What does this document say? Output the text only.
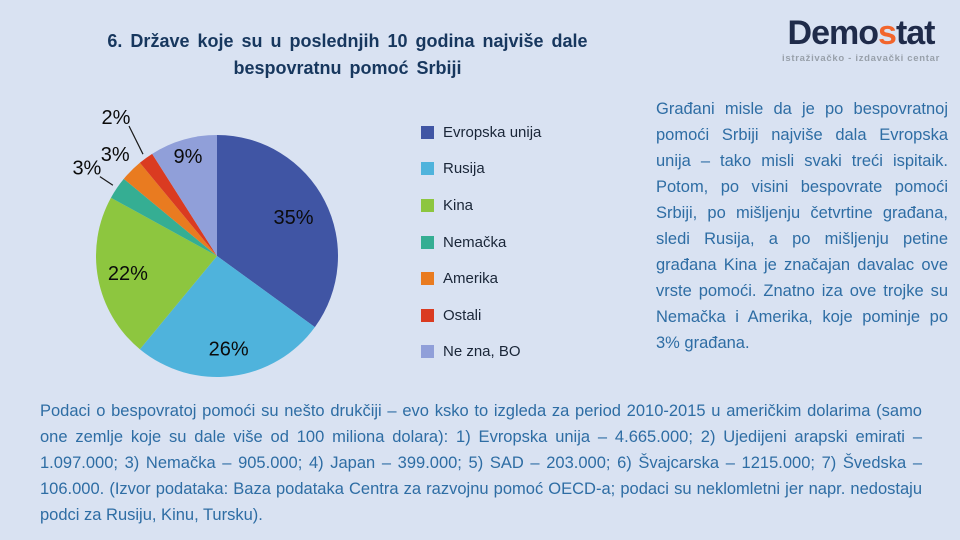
6. Države koje su u poslednjih 10 godina najviše dale
bespovratnu pomoć Srbiji
Demostat
istraživačko - izdavački centar
35%
26%
22%
3%
3%
2%
9%
Evropska unija
Rusija
Kina
Nemačka
Amerika
Ostali
Ne zna, BO
Građani misle da je po bespovratnoj pomoći Srbiji najviše dala Evropska unija – tako misli svaki treći ispitaik. Potom, po visini bespovrate pomoći Srbiji, po mišljenju četvrtine građana, sledi Rusija, a po mišljenju petine građana Kina je značajan davalac ove vrste pomoći. Znatno iza ove trojke su Nemačka i Amerika, koje pominje po 3% građana.
Podaci o bespovratoj pomoći su nešto drukčiji – evo ksko to izgleda za period 2010-2015 u američkim dolarima (samo one zemlje koje su dale više od 100 miliona dolara): 1) Evropska unija – 4.665.000; 2) Ujedijeni arapski emirati – 1.097.000; 3) Nemačka – 905.000; 4) Japan – 399.000; 5) SAD – 203.000; 6) Švajcarska – 1215.000; 7) Švedska – 106.000. (Izvor podataka: Baza podataka Centra za razvojnu pomoć OECD-a; podaci su neklomletni jer napr. nedostaju podci za Rusiju, Kinu, Tursku).
